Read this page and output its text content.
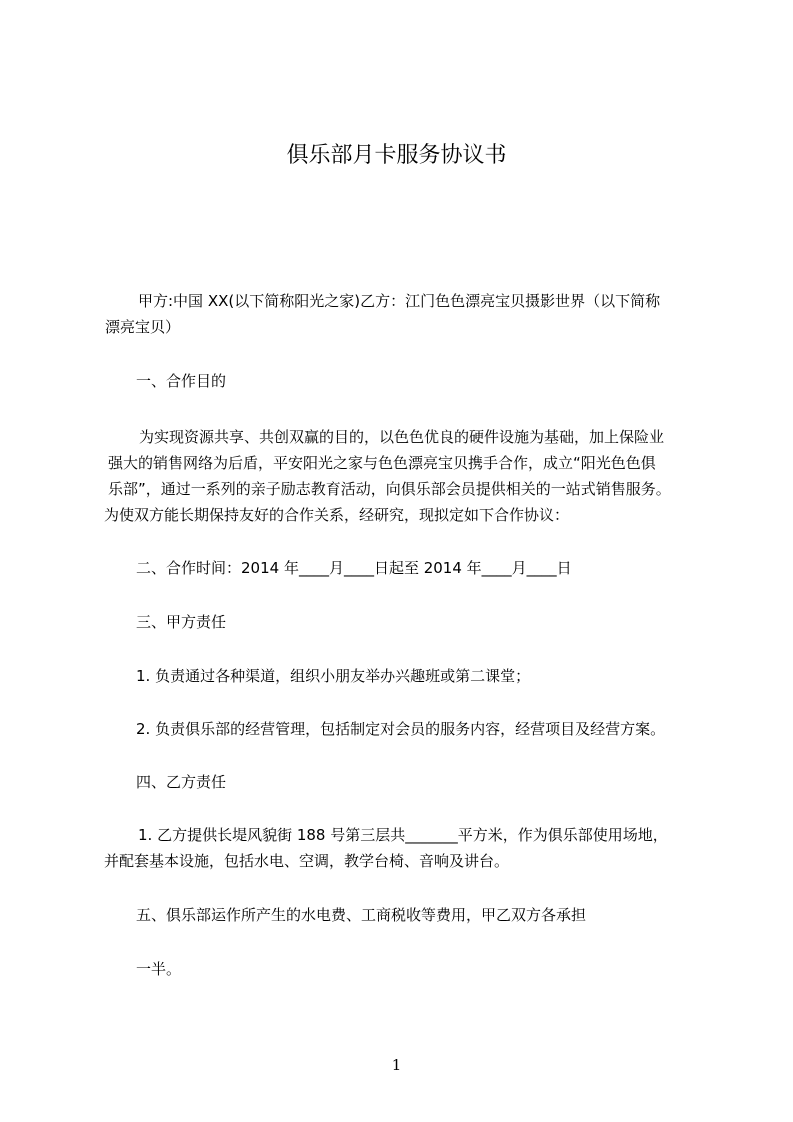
俱乐部月卡服务协议书
甲方:中国 XX(以下简称阳光之家)乙方：江门色色漂亮宝贝摄影世界（以下简称
漂亮宝贝）
一、合作目的
为实现资源共享、共创双赢的目的，以色色优良的硬件设施为基础，加上保险业
强大的销售网络为后盾，平安阳光之家与色色漂亮宝贝携手合作，成立“阳光色色俱
乐部”，通过一系列的亲子励志教育活动，向俱乐部会员提供相关的一站式销售服务。
为使双方能长期保持友好的合作关系，经研究，现拟定如下合作协议：
二、合作时间：2014 年____月____日起至 2014 年____月____日
三、甲方责任
1. 负责通过各种渠道，组织小朋友举办兴趣班或第二课堂；
2. 负责俱乐部的经营管理，包括制定对会员的服务内容，经营项目及经营方案。
四、乙方责任
1. 乙方提供长堤风貌街 188 号第三层共_______平方米，作为俱乐部使用场地，
并配套基本设施，包括水电、空调，教学台椅、音响及讲台。
五、俱乐部运作所产生的水电费、工商税收等费用，甲乙双方各承担
一半。
1
